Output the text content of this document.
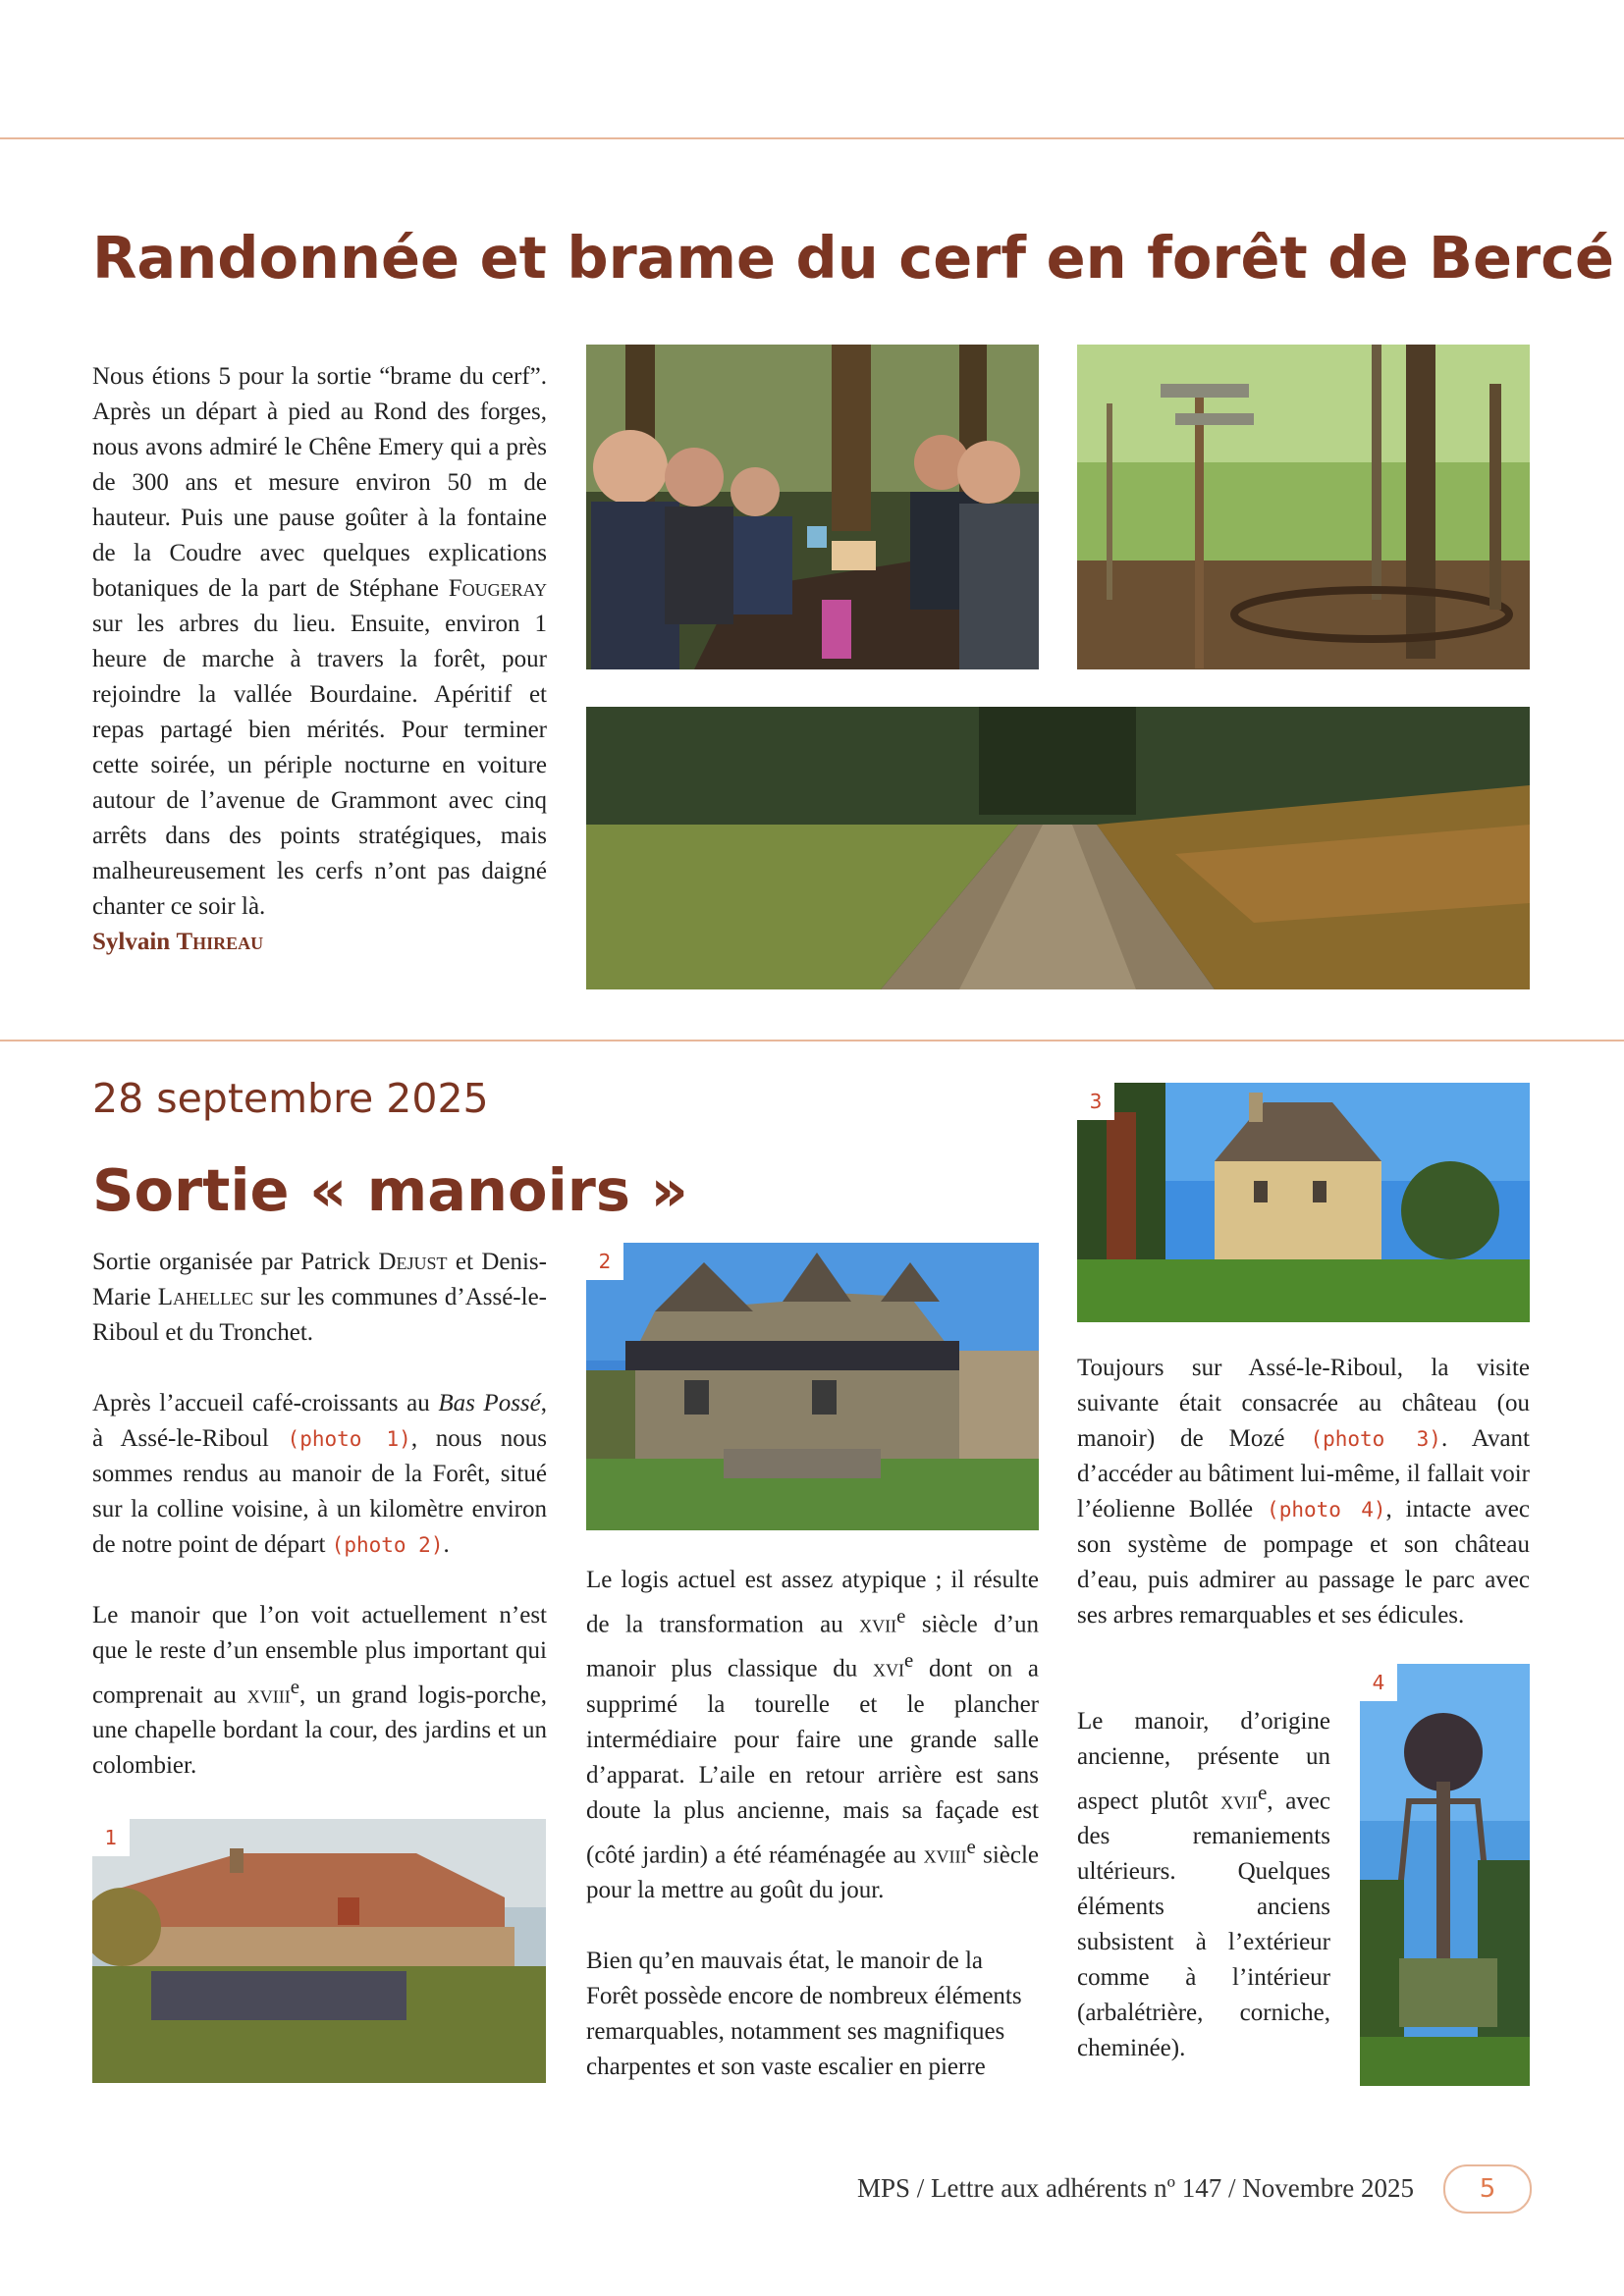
Randonnée et brame du cerf en forêt de Bercé

Nous étions 5 pour la sortie “brame du cerf”. Après un départ à pied au Rond des forges, nous avons admiré le Chêne Emery qui a près de 300 ans et mesure environ 50 m de hauteur. Puis une pause goûter à la fontaine de la Coudre avec quelques explications botaniques de la part de Stéphane Fougeray sur les arbres du lieu. Ensuite, environ 1 heure de marche à travers la forêt, pour rejoindre la vallée Bourdaine. Apéritif et repas partagé bien mérités. Pour terminer cette soirée, un périple nocturne en voiture autour de l’avenue de Grammont avec cinq arrêts dans des points stratégiques, mais malheureusement les cerfs n’ont pas daigné chanter ce soir là.
Sylvain Thireau

28 septembre 2025
Sortie « manoirs »

Sortie organisée par Patrick Dejust et Denis-Marie Lahellec sur les communes d’Assé-le-Riboul et du Tronchet.

Après l’accueil café-croissants au Bas Possé, à Assé-le-Riboul (photo 1), nous nous sommes rendus au manoir de la Forêt, situé sur la colline voisine, à un kilomètre environ de notre point de départ (photo 2).

Le manoir que l’on voit actuellement n’est que le reste d’un ensemble plus important qui comprenait au xviii$^e$, un grand logis-porche, une chapelle bordant la cour, des jardins et un colombier.

1
2

Le logis actuel est assez atypique ; il résulte de la transformation au xvii$^e$ siècle d’un manoir plus classique du xvi$^e$ dont on a supprimé la tourelle et le plancher intermédiaire pour faire une grande salle d’apparat. L’aile en retour arrière est sans doute la plus ancienne, mais sa façade est (côté jardin) a été réaménagée au xviii$^e$ siècle pour la mettre au goût du jour.

Bien qu’en mauvais état, le manoir de la Forêt possède encore de nombreux éléments remarquables, notamment ses magnifiques charpentes et son vaste escalier en pierre

3

Toujours sur Assé-le-Riboul, la visite suivante était consacrée au château (ou manoir) de Mozé (photo 3). Avant d’accéder au bâtiment lui-même, il fallait voir l’éolienne Bollée (photo 4), intacte avec son système de pompage et son château d’eau, puis admirer au passage le parc avec ses arbres remarquables et ses édicules.

Le manoir, d’origine ancienne, présente un aspect plutôt xvii$^e$, avec des remaniements ultérieurs. Quelques éléments anciens subsistent à l’extérieur comme à l’intérieur (arbalétrière, corniche, cheminée).

4
MPS / Lettre aux adhérents nº 147 / Novembre 2025	5
